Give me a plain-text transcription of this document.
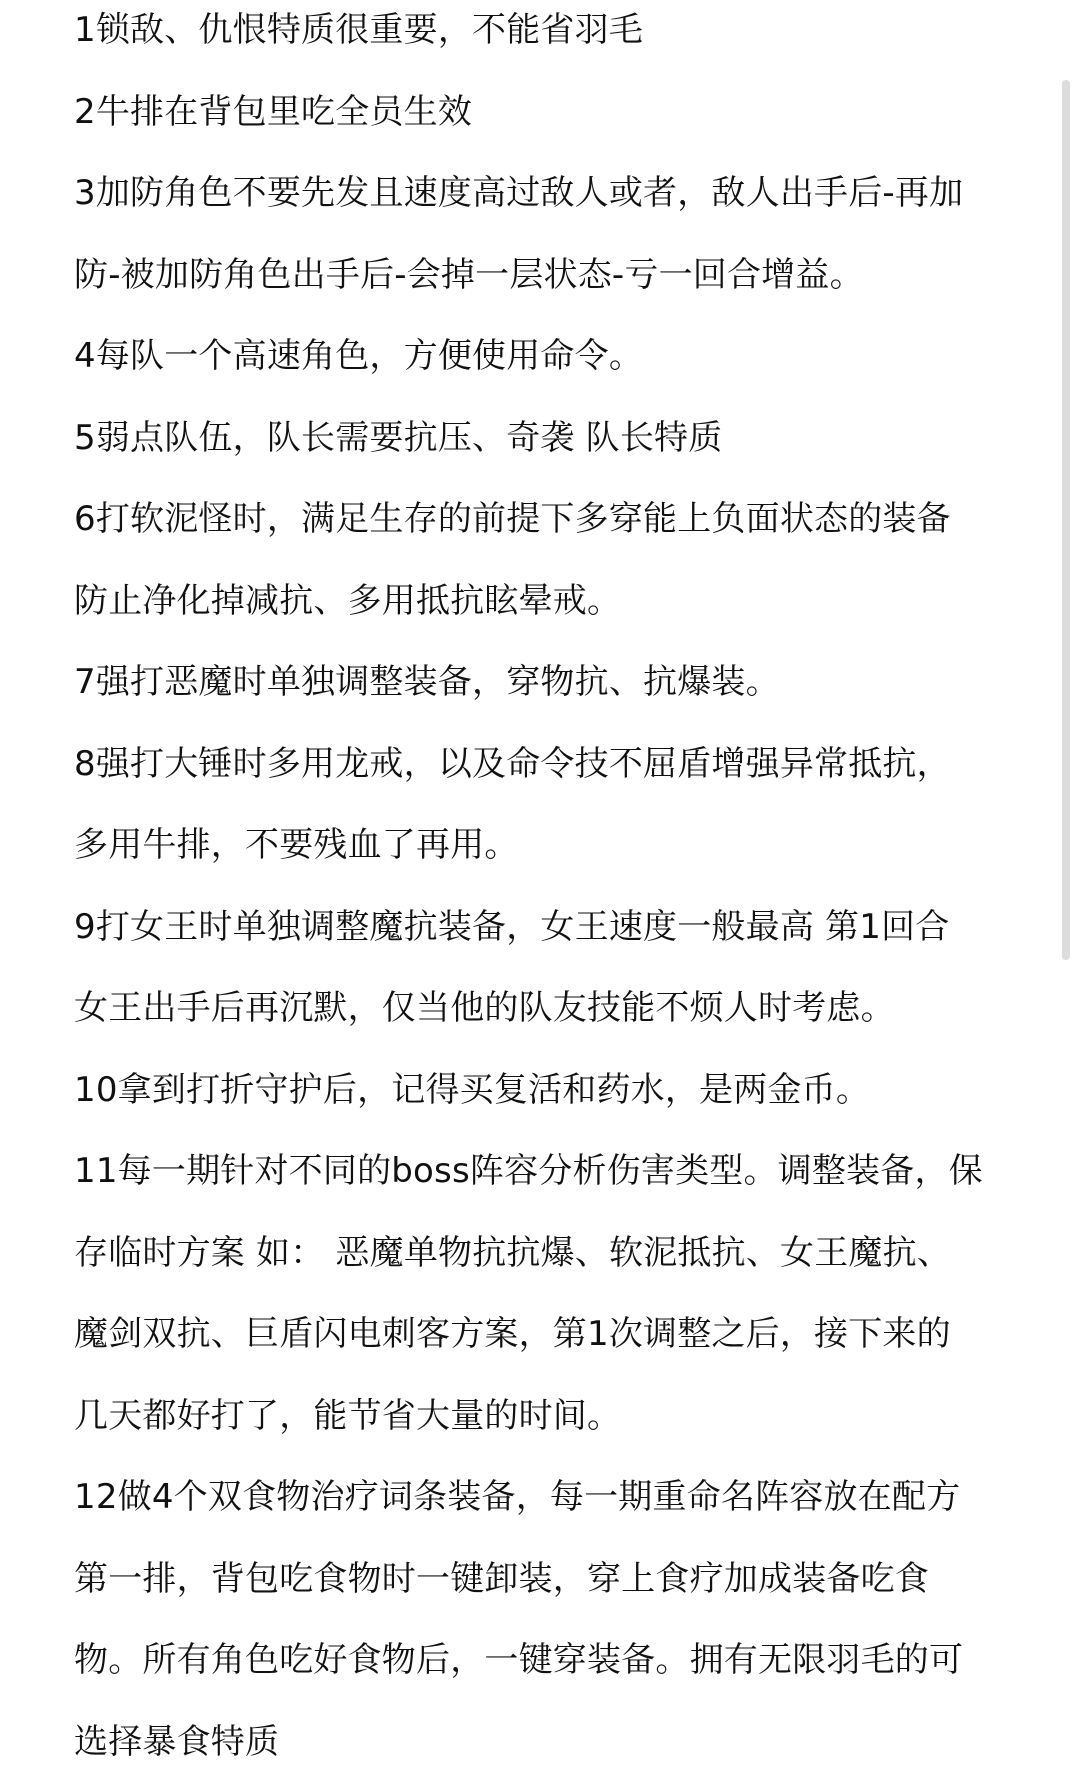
1锁敌、仇恨特质很重要，不能省羽毛
2牛排在背包里吃全员生效
3加防角色不要先发且速度高过敌人或者，敌人出手后-再加
防-被加防角色出手后-会掉一层状态-亏一回合增益。
4每队一个高速角色，方便使用命令。
5弱点队伍，队长需要抗压、奇袭 队长特质
6打软泥怪时，满足生存的前提下多穿能上负面状态的装备
防止净化掉减抗、多用抵抗眩晕戒。
7强打恶魔时单独调整装备，穿物抗、抗爆装。
8强打大锤时多用龙戒，以及命令技不屈盾增强异常抵抗，
多用牛排，不要残血了再用。
9打女王时单独调整魔抗装备，女王速度一般最高 第1回合
女王出手后再沉默，仅当他的队友技能不烦人时考虑。
10拿到打折守护后，记得买复活和药水，是两金币。
11每一期针对不同的boss阵容分析伤害类型。调整装备，保
存临时方案 如： 恶魔单物抗抗爆、软泥抵抗、女王魔抗、
魔剑双抗、巨盾闪电刺客方案，第1次调整之后，接下来的
几天都好打了，能节省大量的时间。
12做4个双食物治疗词条装备，每一期重命名阵容放在配方
第一排，背包吃食物时一键卸装，穿上食疗加成装备吃食
物。所有角色吃好食物后，一键穿装备。拥有无限羽毛的可
选择暴食特质
